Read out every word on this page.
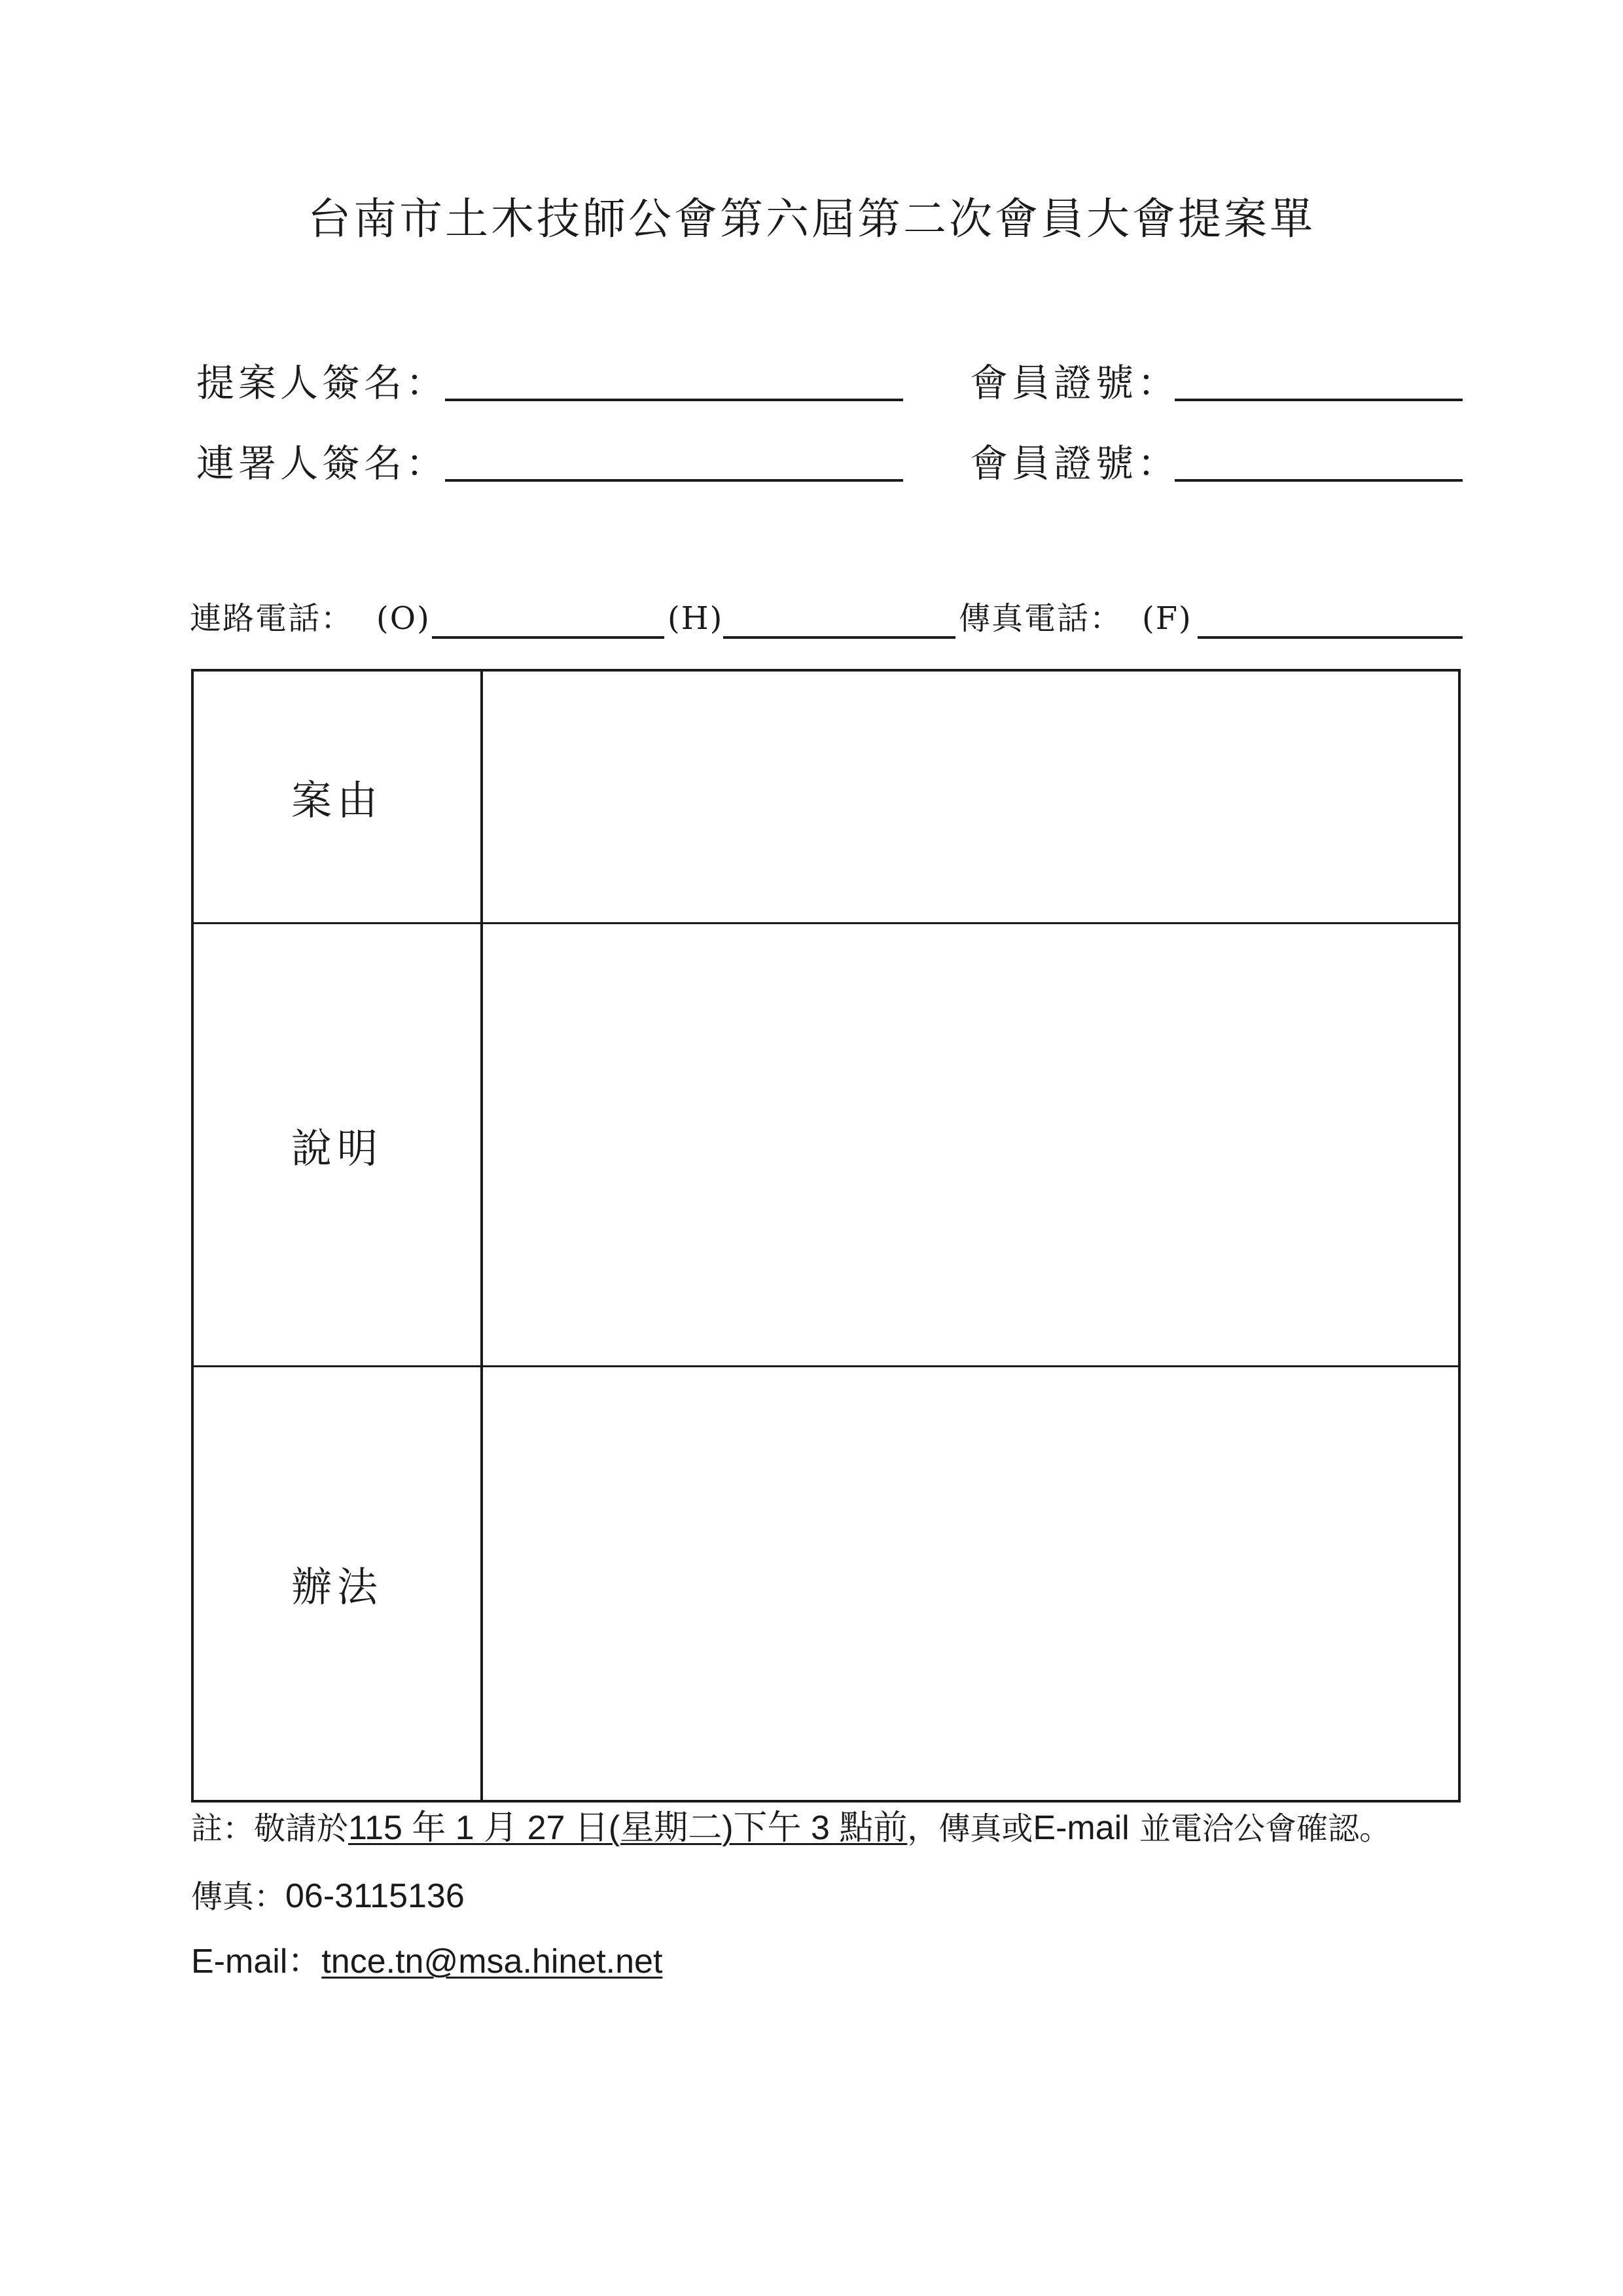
台南市土木技師公會第六屆第二次會員大會提案單
提案人簽名：	會員證號：
連署人簽名：	會員證號：
連路電話： (O)	(H)	傳真電話： (F)
案由
說明
辦法
註：敬請於115 年 1 月 27 日(星期二)下午 3 點前，傳真或E-mail 並電洽公會確認。
傳真：06-3115136
E-mail：tnce.tn@msa.hinet.net
